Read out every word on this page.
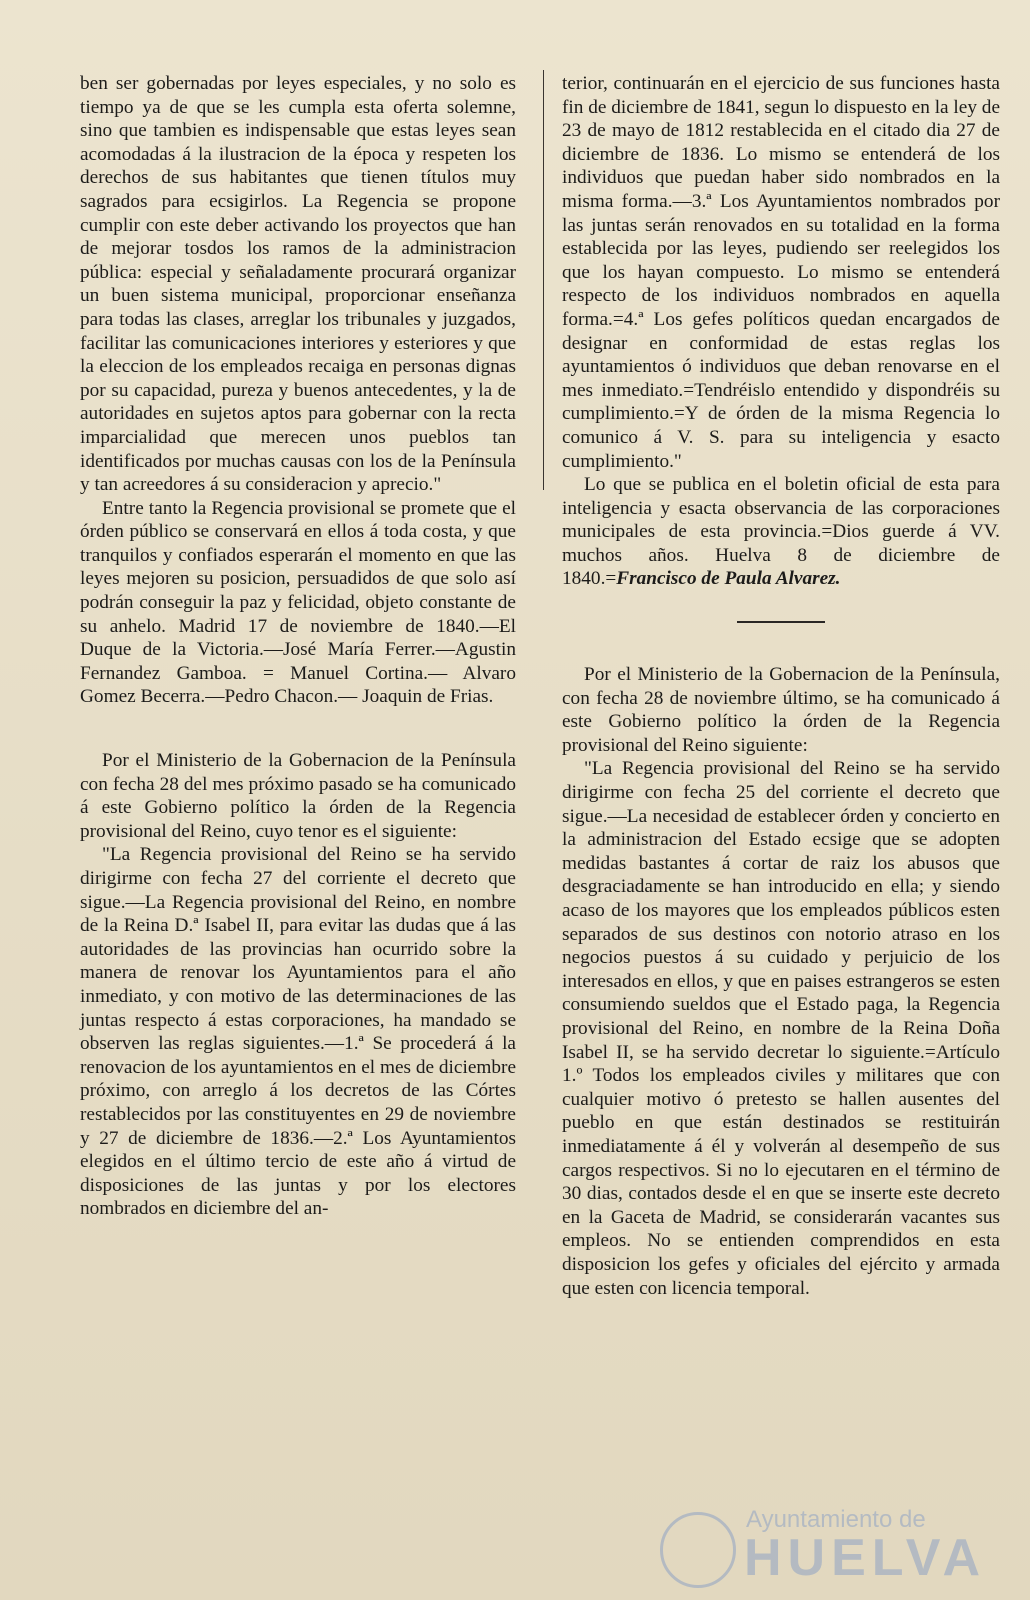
ben ser gobernadas por leyes especiales, y no solo es tiempo ya de que se les cumpla esta oferta solemne, sino que tambien es indispensable que estas leyes sean acomodadas á la ilustracion de la época y respeten los derechos de sus habitantes que tienen títulos muy sagrados para ecsigirlos. La Regencia se propone cumplir con este deber activando los proyectos que han de mejorar tosdos los ramos de la administracion pública: especial y señaladamente procurará organizar un buen sistema municipal, proporcionar enseñanza para todas las clases, arreglar los tribunales y juzgados, facilitar las comunicaciones interiores y esteriores y que la eleccion de los empleados recaiga en personas dignas por su capacidad, pureza y buenos antecedentes, y la de autoridades en sujetos aptos para gobernar con la recta imparcialidad que merecen unos pueblos tan identificados por muchas causas con los de la Península y tan acreedores á su consideracion y aprecio."

Entre tanto la Regencia provisional se promete que el órden público se conservará en ellos á toda costa, y que tranquilos y confiados esperarán el momento en que las leyes mejoren su posicion, persuadidos de que solo así podrán conseguir la paz y felicidad, objeto constante de su anhelo. Madrid 17 de noviembre de 1840.—El Duque de la Victoria.—José María Ferrer.—Agustin Fernandez Gamboa. = Manuel Cortina.— Alvaro Gomez Becerra.—Pedro Chacon.— Joaquin de Frias.

Por el Ministerio de la Gobernacion de la Península con fecha 28 del mes próximo pasado se ha comunicado á este Gobierno político la órden de la Regencia provisional del Reino, cuyo tenor es el siguiente:

"La Regencia provisional del Reino se ha servido dirigirme con fecha 27 del corriente el decreto que sigue.—La Regencia provisional del Reino, en nombre de la Reina D.ª Isabel II, para evitar las dudas que á las autoridades de las provincias han ocurrido sobre la manera de renovar los Ayuntamientos para el año inmediato, y con motivo de las determinaciones de las juntas respecto á estas corporaciones, ha mandado se observen las reglas siguientes.—1.ª Se procederá á la renovacion de los ayuntamientos en el mes de diciembre próximo, con arreglo á los decretos de las Córtes restablecidos por las constituyentes en 29 de noviembre y 27 de diciembre de 1836.—2.ª Los Ayuntamientos elegidos en el último tercio de este año á virtud de disposiciones de las juntas y por los electores nombrados en diciembre del an-

terior, continuarán en el ejercicio de sus funciones hasta fin de diciembre de 1841, segun lo dispuesto en la ley de 23 de mayo de 1812 restablecida en el citado dia 27 de diciembre de 1836. Lo mismo se entenderá de los individuos que puedan haber sido nombrados en la misma forma.—3.ª Los Ayuntamientos nombrados por las juntas serán renovados en su totalidad en la forma establecida por las leyes, pudiendo ser reelegidos los que los hayan compuesto. Lo mismo se entenderá respecto de los individuos nombrados en aquella forma.=4.ª Los gefes políticos quedan encargados de designar en conformidad de estas reglas los ayuntamientos ó individuos que deban renovarse en el mes inmediato.=Tendréislo entendido y dispondréis su cumplimiento.=Y de órden de la misma Regencia lo comunico á V. S. para su inteligencia y esacto cumplimiento."

Lo que se publica en el boletin oficial de esta para inteligencia y esacta observancia de las corporaciones municipales de esta provincia.=Dios guerde á VV. muchos años. Huelva 8 de diciembre de 1840.=Francisco de Paula Alvarez.

Por el Ministerio de la Gobernacion de la Península, con fecha 28 de noviembre último, se ha comunicado á este Gobierno político la órden de la Regencia provisional del Reino siguiente:

"La Regencia provisional del Reino se ha servido dirigirme con fecha 25 del corriente el decreto que sigue.—La necesidad de establecer órden y concierto en la administracion del Estado ecsige que se adopten medidas bastantes á cortar de raiz los abusos que desgraciadamente se han introducido en ella; y siendo acaso de los mayores que los empleados públicos esten separados de sus destinos con notorio atraso en los negocios puestos á su cuidado y perjuicio de los interesados en ellos, y que en paises estrangeros se esten consumiendo sueldos que el Estado paga, la Regencia provisional del Reino, en nombre de la Reina Doña Isabel II, se ha servido decretar lo siguiente.=Artículo 1.º Todos los empleados civiles y militares que con cualquier motivo ó pretesto se hallen ausentes del pueblo en que están destinados se restituirán inmediatamente á él y volverán al desempeño de sus cargos respectivos. Si no lo ejecutaren en el término de 30 dias, contados desde el en que se inserte este decreto en la Gaceta de Madrid, se considerarán vacantes sus empleos. No se entienden comprendidos en esta disposicion los gefes y oficiales del ejército y armada que esten con licencia temporal.

Ayuntamiento de
HUELVA
